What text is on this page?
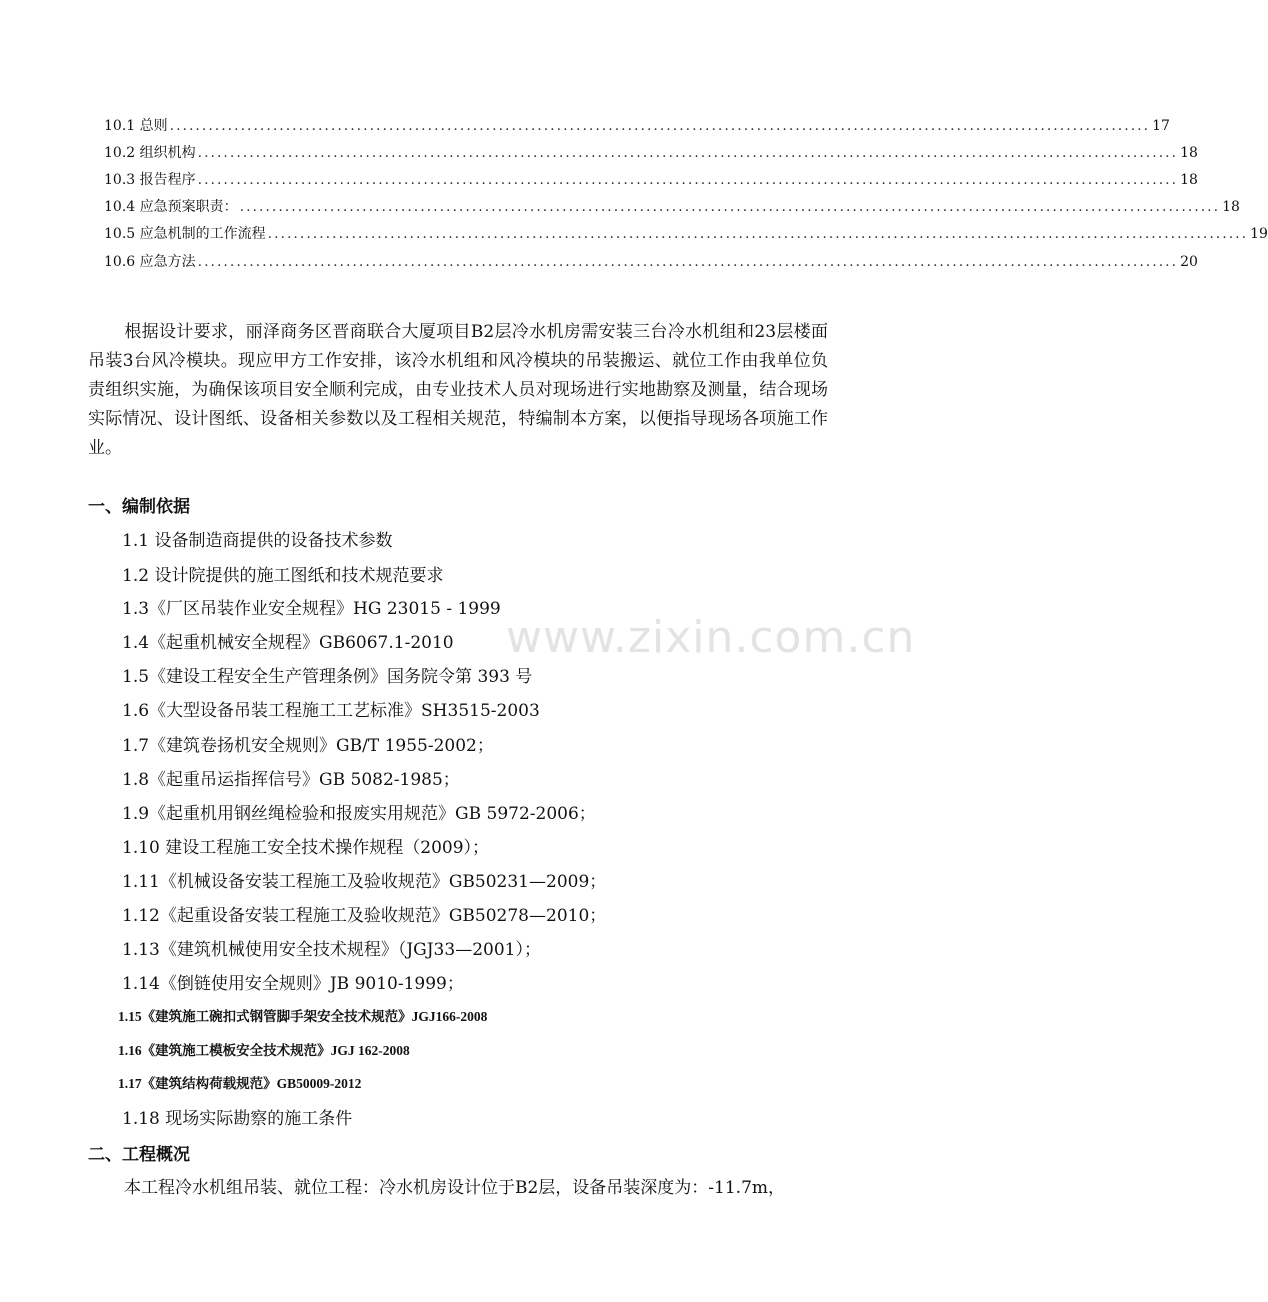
10.1 总则 ........................................................................................................................................................ 17
10.2 组织机构 ........................................................................................................................................................ 18
10.3 报告程序 ........................................................................................................................................................ 18
10.4 应急预案职责： ........................................................................................................................................................ 18
10.5 应急机制的工作流程 ........................................................................................................................................................ 19
10.6 应急方法 ........................................................................................................................................................ 20
根据设计要求，丽泽商务区晋商联合大厦项目B2层冷水机房需安装三台冷水机组和23层楼面吊装3台风冷模块。现应甲方工作安排，该冷水机组和风冷模块的吊装搬运、就位工作由我单位负责组织实施，为确保该项目安全顺利完成，由专业技术人员对现场进行实地勘察及测量，结合现场实际情况、设计图纸、设备相关参数以及工程相关规范，特编制本方案，以便指导现场各项施工作业。
一、编制依据
1.1 设备制造商提供的设备技术参数
1.2 设计院提供的施工图纸和技术规范要求
1.3《厂区吊装作业安全规程》HG 23015 - 1999
1.4《起重机械安全规程》GB6067.1-2010
1.5《建设工程安全生产管理条例》国务院令第 393 号
1.6《大型设备吊装工程施工工艺标准》SH3515-2003
1.7《建筑卷扬机安全规则》GB/T 1955-2002；
1.8《起重吊运指挥信号》GB 5082-1985；
1.9《起重机用钢丝绳检验和报废实用规范》GB 5972-2006；
1.10 建设工程施工安全技术操作规程（2009）；
1.11《机械设备安装工程施工及验收规范》GB50231—2009；
1.12《起重设备安装工程施工及验收规范》GB50278—2010；
1.13《建筑机械使用安全技术规程》（JGJ33—2001）；
1.14《倒链使用安全规则》JB 9010-1999；
1.15《建筑施工碗扣式钢管脚手架安全技术规范》JGJ166-2008
1.16《建筑施工模板安全技术规范》JGJ 162-2008
1.17《建筑结构荷载规范》GB50009-2012
1.18 现场实际勘察的施工条件
二、工程概况
本工程冷水机组吊装、就位工程：冷水机房设计位于B2层，设备吊装深度为：-11.7m，
www.zixin.com.cn
